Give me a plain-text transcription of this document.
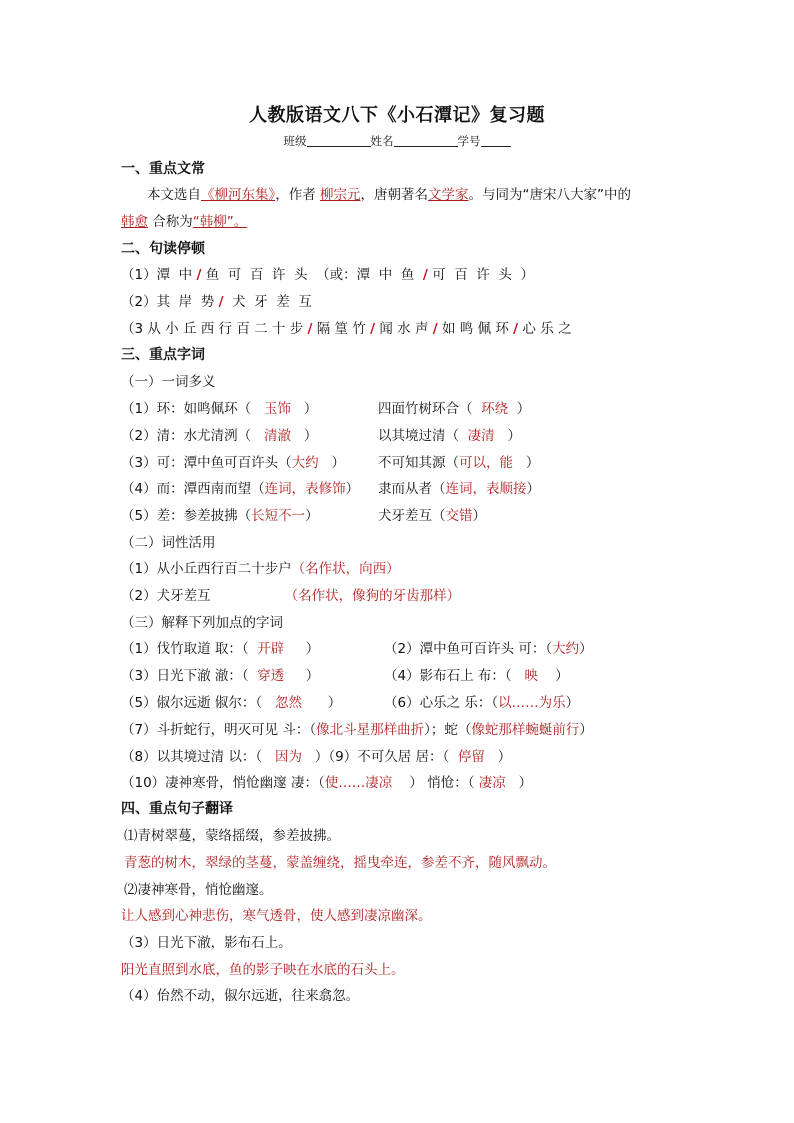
人教版语文八下《小石潭记》复习题
班级	姓名	学号
一、重点文常
本文选自《柳河东集》，作者 柳宗元，唐朝著名文学家。与同为“唐宋八大家”中的
韩愈 合称为“韩柳”。
二、句读停顿
（1）潭  中 / 鱼  可  百  许  头  （或：潭  中  鱼 / 可  百  许  头  ）
（2）其  岸  势 / 犬  牙  差  互
（3 从 小 丘 西 行 百 二 十 步 / 隔 篁 竹 / 闻 水 声 / 如 鸣 佩 环 / 心 乐 之
三、重点字词
（一）一词多义
（1）环：如鸣佩环（ 玉饰 ）	四面竹树环合（ 环绕 ）
（2）清：水尤清洌（ 清澈 ）	以其境过清（ 凄清 ）
（3）可：潭中鱼可百许头（大约 ） 不可知其源（可以，能 ）
（4）而：潭西南而望（连词，表修饰） 隶而从者（连词，表顺接）
（5）差：参差披拂（长短不一）	犬牙差互（交错）
（二）词性活用
（1）从小丘西行百二十步户（名作状，向西）
（2）犬牙差互	（名作状，像狗的牙齿那样）
（三）解释下列加点的字词
（1）伐竹取道 取：（ 开辟 ）	（2）潭中鱼可百许头 可：（大约）
（3）日光下澈 澈：（ 穿透 ）	（4）影布石上 布：（ 映 ）
（5）俶尔远逝 俶尔：（ 忽然 ）	（6）心乐之 乐：（以……为乐）
（7）斗折蛇行，明灭可见 斗：（像北斗星那样曲折）；蛇（像蛇那样蜿蜒前行）
（8）以其境过清 以：（ 因为 ）（9）不可久居 居：（ 停留 ）
（10）凄神寒骨，悄怆幽邃 凄：（使……凄凉 ） 悄怆：（ 凄凉 ）
四、重点句子翻译
⑴青树翠蔓，蒙络摇缀，参差披拂。
青葱的树木，翠绿的茎蔓，蒙盖缠绕，摇曳牵连，参差不齐，随风飘动。
⑵凄神寒骨，悄怆幽邃。
让人感到心神悲伤，寒气透骨，使人感到凄凉幽深。
（3）日光下澈，影布石上。
阳光直照到水底，鱼的影子映在水底的石头上。
（4）佁然不动，俶尔远逝，往来翕忽。
